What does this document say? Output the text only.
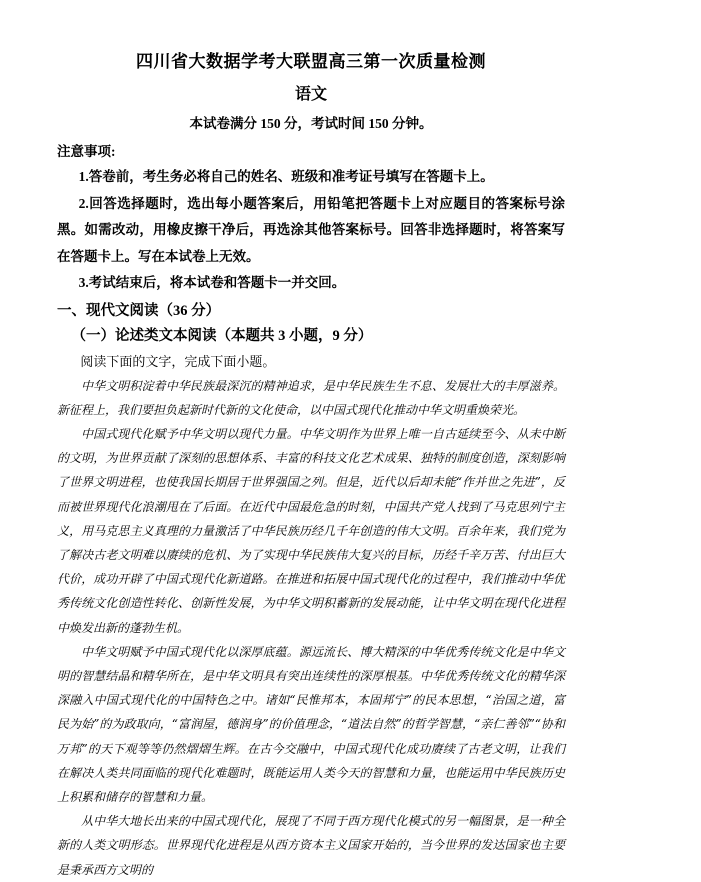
四川省大数据学考大联盟高三第一次质量检测
语文

本试卷满分 150 分，考试时间 150 分钟。

注意事项:

1.答卷前，考生务必将自己的姓名、班级和准考证号填写在答题卡上。

2.回答选择题时，选出每小题答案后，用铅笔把答题卡上对应题目的答案标号涂黑。如需改动，用橡皮擦干净后，再选涂其他答案标号。回答非选择题时，将答案写在答题卡上。写在本试卷上无效。

3.考试结束后，将本试卷和答题卡一并交回。

一、现代文阅读（36 分）

（一）论述类文本阅读（本题共 3 小题，9 分）

阅读下面的文字，完成下面小题。

中华文明积淀着中华民族最深沉的精神追求，是中华民族生生不息、发展壮大的丰厚滋养。新征程上，我们要担负起新时代新的文化使命，以中国式现代化推动中华文明重焕荣光。

中国式现代化赋予中华文明以现代力量。中华文明作为世界上唯一自古延续至今、从未中断的文明，为世界贡献了深刻的思想体系、丰富的科技文化艺术成果、独特的制度创造，深刻影响了世界文明进程，也使我国长期居于世界强国之列。但是，近代以后却未能“作并世之先进”，反而被世界现代化浪潮甩在了后面。在近代中国最危急的时刻，中国共产党人找到了马克思列宁主义，用马克思主义真理的力量激活了中华民族历经几千年创造的伟大文明。百余年来，我们党为了解决古老文明难以赓续的危机、为了实现中华民族伟大复兴的目标，历经千辛万苦、付出巨大代价，成功开辟了中国式现代化新道路。在推进和拓展中国式现代化的过程中，我们推动中华优秀传统文化创造性转化、创新性发展，为中华文明积蓄新的发展动能，让中华文明在现代化进程中焕发出新的蓬勃生机。

中华文明赋予中国式现代化以深厚底蕴。源远流长、博大精深的中华优秀传统文化是中华文明的智慧结晶和精华所在，是中华文明具有突出连续性的深厚根基。中华优秀传统文化的精华深深融入中国式现代化的中国特色之中。诸如“民惟邦本，本固邦宁”的民本思想，“治国之道，富民为始”的为政取向，“富润屋，德润身”的价值理念，“道法自然”的哲学智慧，“亲仁善邻”“协和万邦”的天下观等等仍然熠熠生辉。在古今交融中，中国式现代化成功赓续了古老文明，让我们在解决人类共同面临的现代化难题时，既能运用人类今天的智慧和力量，也能运用中华民族历史上积累和储存的智慧和力量。

从中华大地长出来的中国式现代化，展现了不同于西方现代化模式的另一幅图景，是一种全新的人类文明形态。世界现代化进程是从西方资本主义国家开始的，当今世界的发达国家也主要是秉承西方文明的
